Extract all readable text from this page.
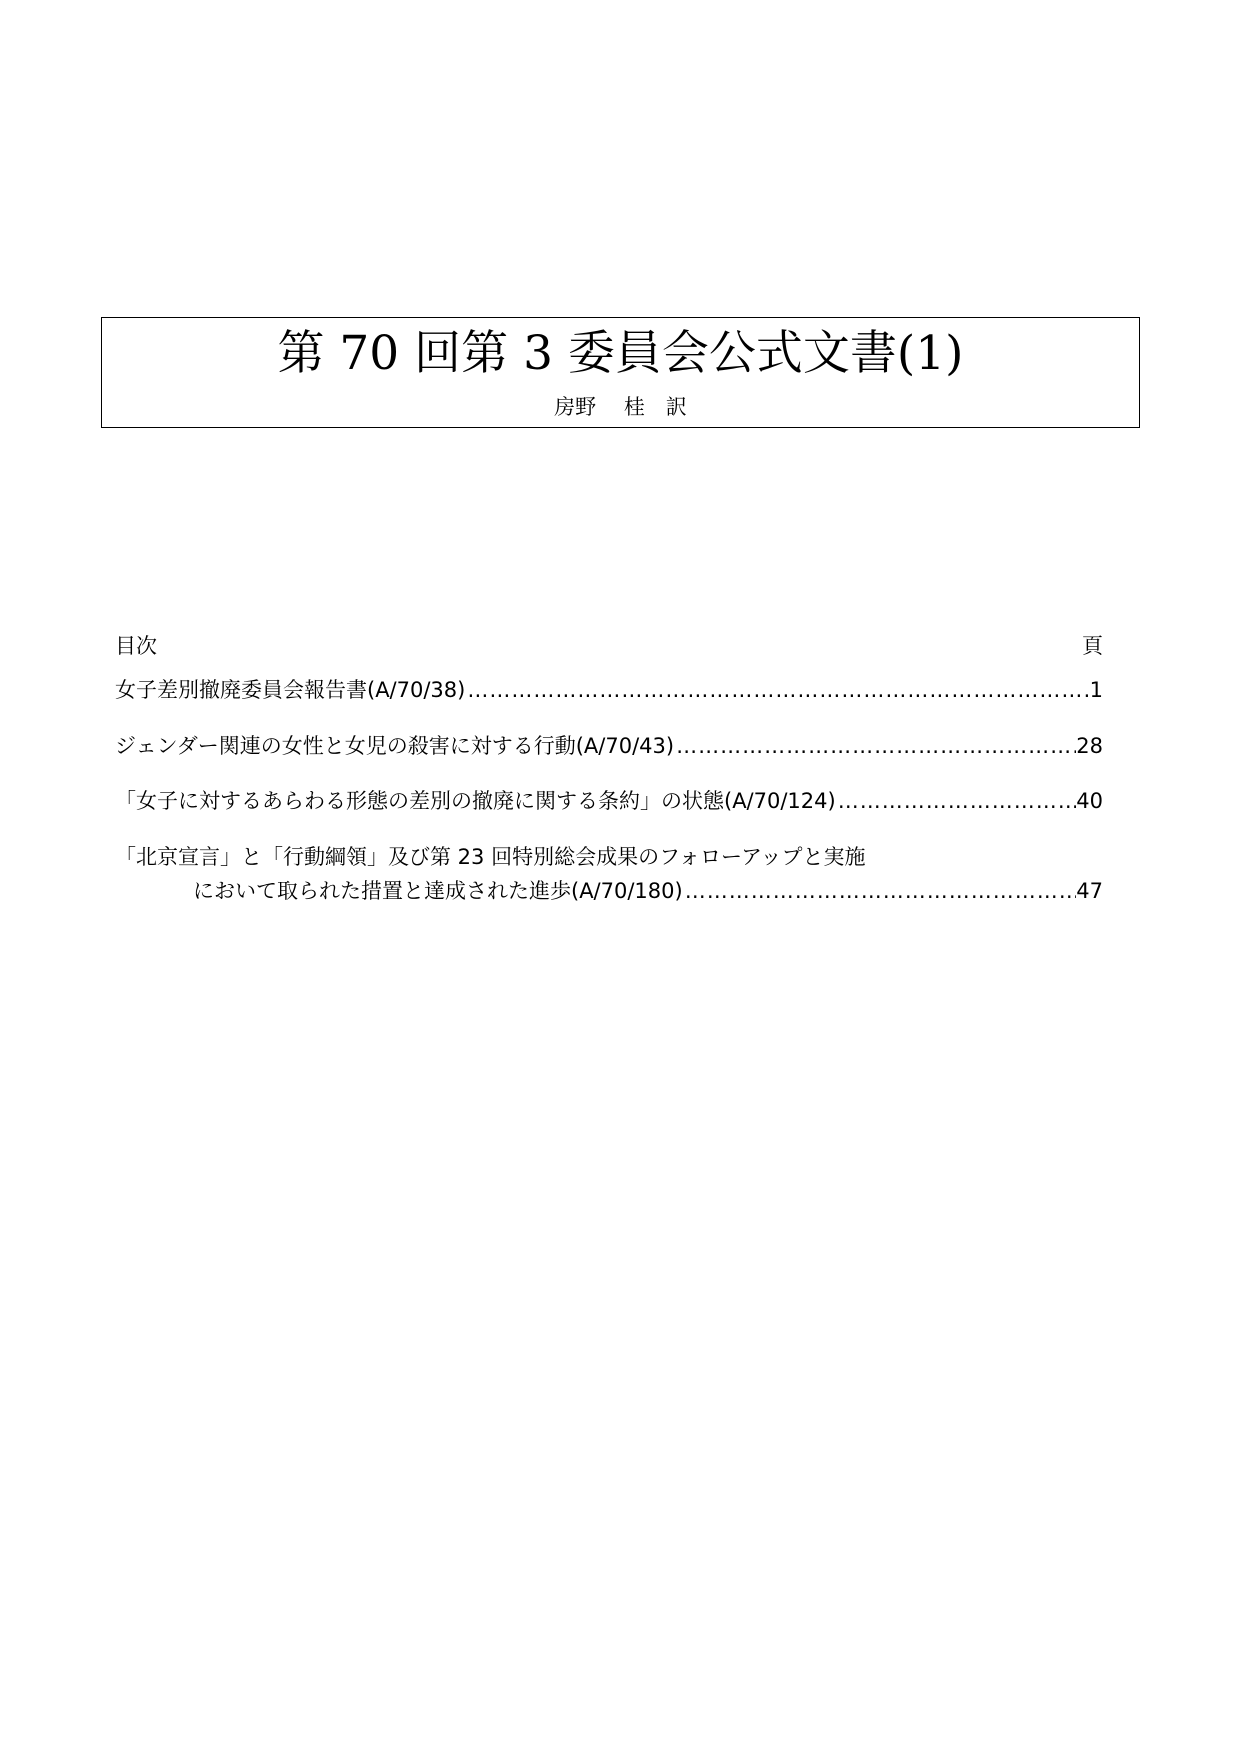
第 70 回第 3 委員会公式文書(1)
房野　 桂　訳
目次	頁
女子差別撤廃委員会報告書(A/70/38) …………………………………………………………………………………………………………………………………………………………………………………	1
ジェンダー関連の女性と女児の殺害に対する行動(A/70/43) …………………………………………………………………………………………………………………………………………………………………………………	28
「女子に対するあらわる形態の差別の撤廃に関する条約」の状態(A/70/124) …………………………………………………………………………………………………………………………………………………………………………………	40
「北京宣言」と「行動綱領」及び第 23 回特別総会成果のフォローアップと実施
において取られた措置と達成された進歩(A/70/180) …………………………………………………………………………………………………………………………………………………………………………………	47
